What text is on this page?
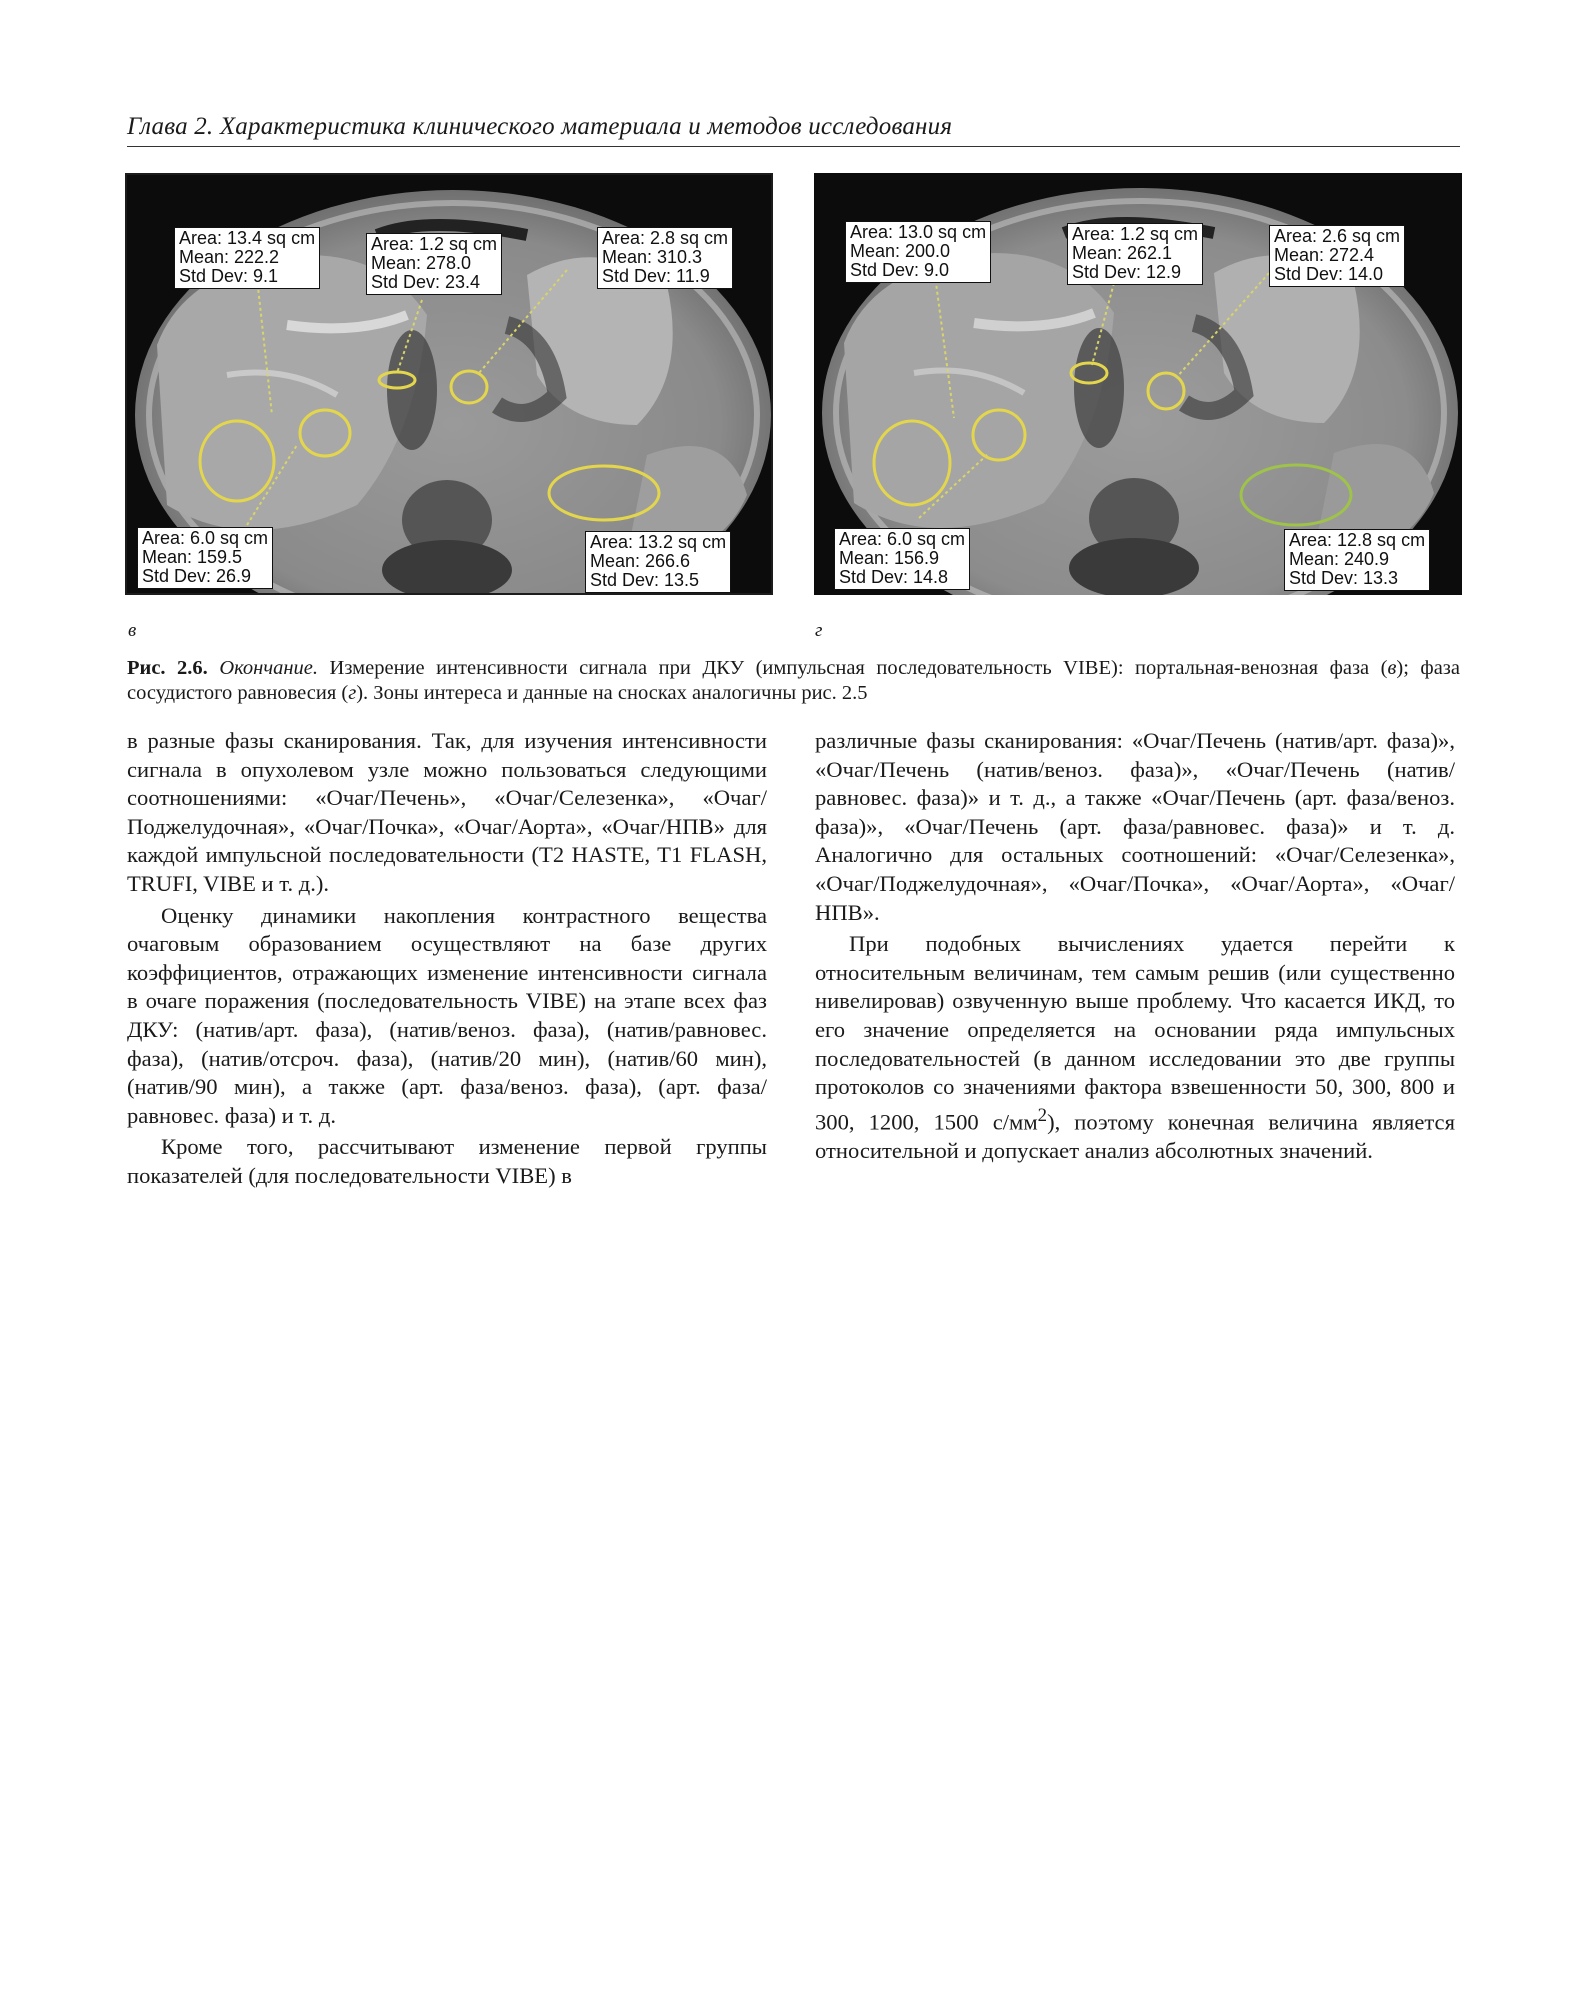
Глава 2. Характеристика клинического материала и методов исследования
Area: 13.4 sq cm
Mean: 222.2
Std Dev: 9.1
Area: 1.2 sq cm
Mean: 278.0
Std Dev: 23.4
Area: 2.8 sq cm
Mean: 310.3
Std Dev: 11.9
Area: 6.0 sq cm
Mean: 159.5
Std Dev: 26.9
Area: 13.2 sq cm
Mean: 266.6
Std Dev: 13.5
Area: 13.0 sq cm
Mean: 200.0
Std Dev: 9.0
Area: 1.2 sq cm
Mean: 262.1
Std Dev: 12.9
Area: 2.6 sq cm
Mean: 272.4
Std Dev: 14.0
Area: 6.0 sq cm
Mean: 156.9
Std Dev: 14.8
Area: 12.8 sq cm
Mean: 240.9
Std Dev: 13.3
в	г
Рис. 2.6. Окончание. Измерение интенсивности сигнала при ДКУ (импульсная последовательность VIBE): портальная-венозная фаза (в); фаза сосудистого равновесия (г). Зоны интереса и данные на сносках аналогичны рис. 2.5

в разные фазы сканирования. Так, для изучения интенсивности сигнала в опухолевом узле можно пользоваться следующими соотношениями: «Очаг/Печень», «Очаг/Селезенка», «Очаг/Поджелудочная», «Очаг/Почка», «Очаг/Аорта», «Очаг/НПВ» для каждой импульсной последовательности (T2 HASTE, T1 FLASH, TRUFI, VIBE и т. д.).

Оценку динамики накопления контрастного вещества очаговым образованием осуществляют на базе других коэффициентов, отражающих изменение интенсивности сигнала в очаге поражения (последовательность VIBE) на этапе всех фаз ДКУ: (натив/арт. фаза), (натив/веноз. фаза), (натив/равновес. фаза), (натив/отсроч. фаза), (натив/20 мин), (натив/60 мин), (натив/90 мин), а также (арт. фаза/веноз. фаза), (арт. фаза/равновес. фаза) и т. д.

Кроме того, рассчитывают изменение первой группы показателей (для последовательности VIBE) в

различные фазы сканирования: «Очаг/Печень (натив/арт. фаза)», «Очаг/Печень (натив/веноз. фаза)», «Очаг/Печень (натив/равновес. фаза)» и т. д., а также «Очаг/Печень (арт. фаза/веноз. фаза)», «Очаг/Печень (арт. фаза/равновес. фаза)» и т. д. Аналогично для остальных соотношений: «Очаг/Селезенка», «Очаг/Поджелудочная», «Очаг/Почка», «Очаг/Аорта», «Очаг/НПВ».

При подобных вычислениях удается перейти к относительным величинам, тем самым решив (или существенно нивелировав) озвученную выше проблему. Что касается ИКД, то его значение определяется на основании ряда импульсных последовательностей (в данном исследовании это две группы протоколов со значениями фактора взвешенности 50, 300, 800 и 300, 1200, 1500 $с/мм^2$), поэтому конечная величина является относительной и допускает анализ абсолютных значений.
